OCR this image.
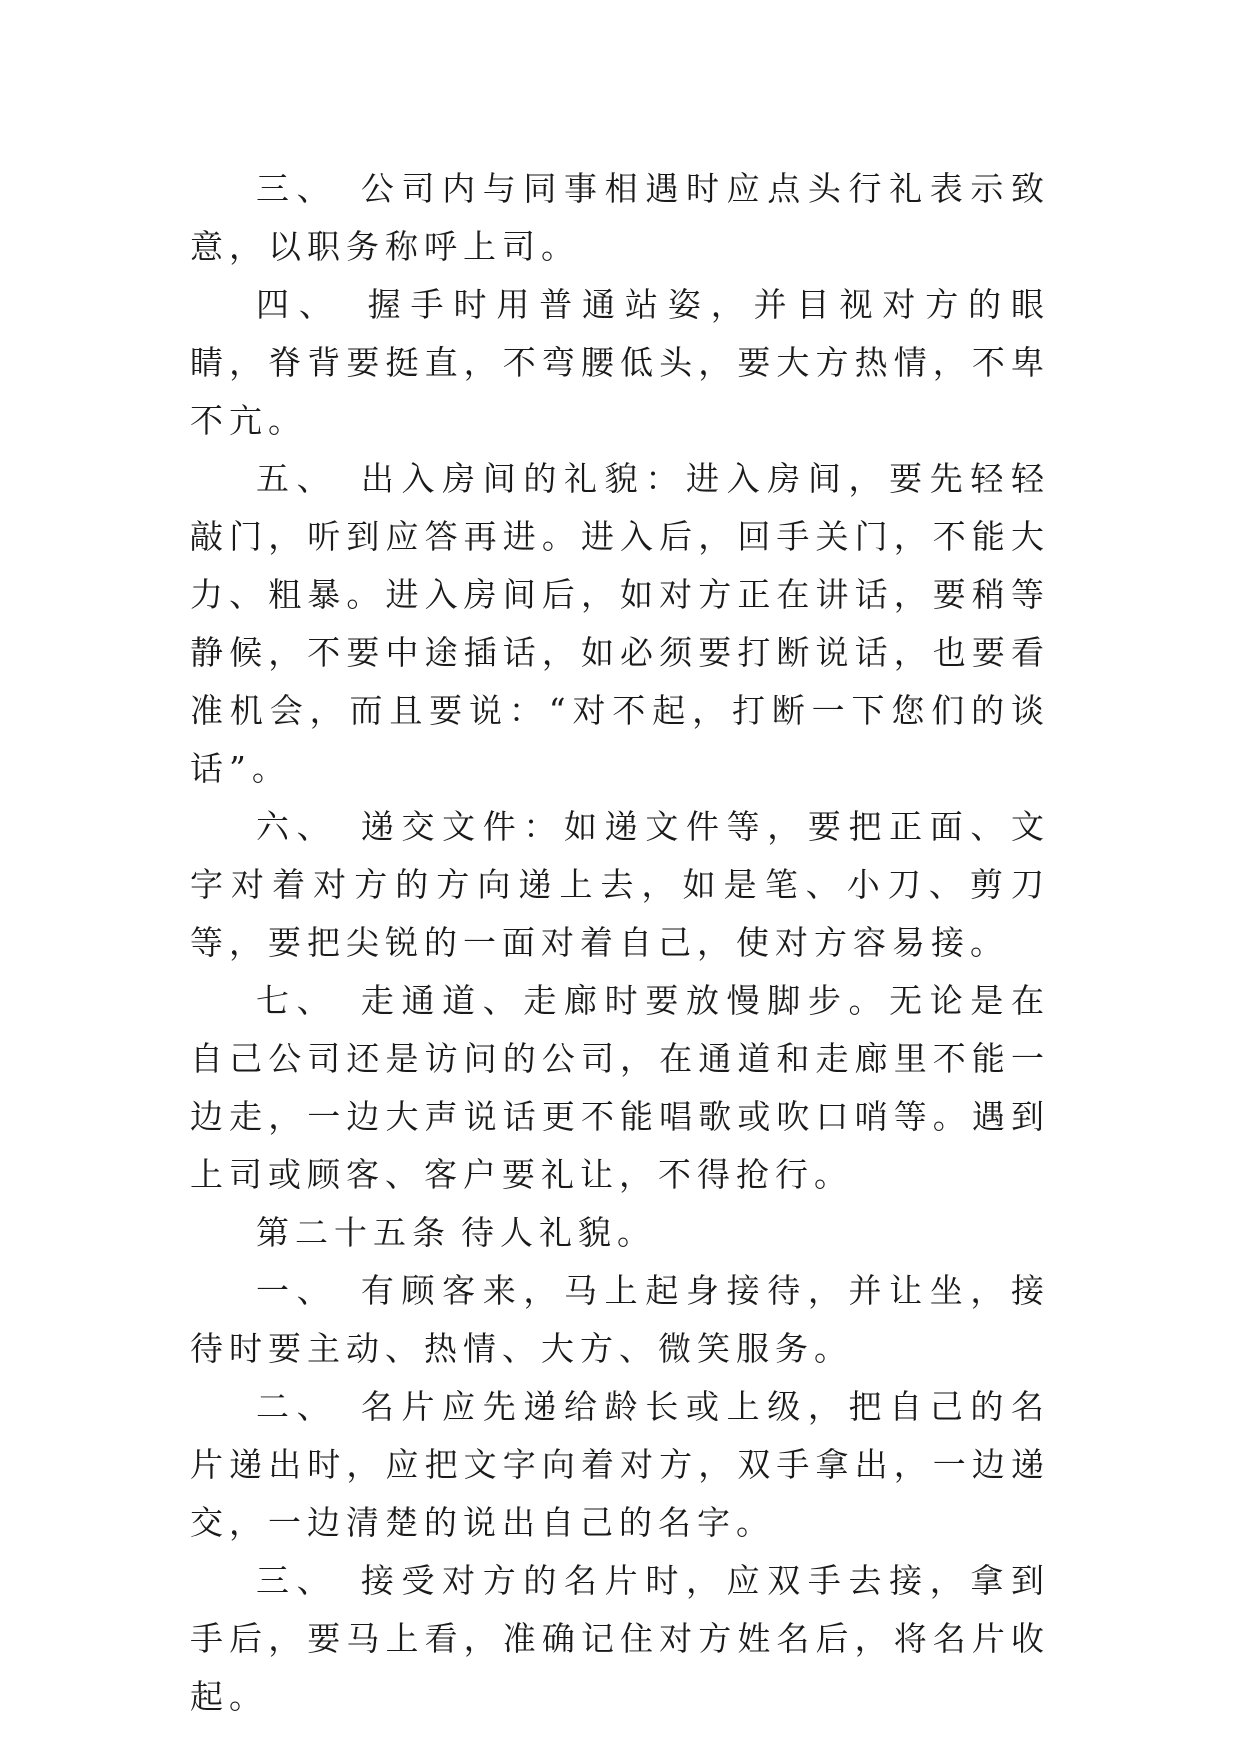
三、 公司内与同事相遇时应点头行礼表示致意，以职务称呼上司。

四、 握手时用普通站姿，并目视对方的眼睛，脊背要挺直，不弯腰低头，要大方热情，不卑不亢。

五、 出入房间的礼貌：进入房间，要先轻轻敲门，听到应答再进。进入后，回手关门，不能大力、粗暴。进入房间后，如对方正在讲话，要稍等静候，不要中途插话，如必须要打断说话，也要看准机会，而且要说：“对不起，打断一下您们的谈话”。

六、 递交文件：如递文件等，要把正面、文字对着对方的方向递上去，如是笔、小刀、剪刀等，要把尖锐的一面对着自己，使对方容易接。

七、 走通道、走廊时要放慢脚步。无论是在自己公司还是访问的公司，在通道和走廊里不能一边走，一边大声说话更不能唱歌或吹口哨等。遇到上司或顾客、客户要礼让，不得抢行。

第二十五条 待人礼貌。

一、 有顾客来，马上起身接待，并让坐，接待时要主动、热情、大方、微笑服务。

二、 名片应先递给龄长或上级，把自己的名片递出时，应把文字向着对方，双手拿出，一边递交，一边清楚的说出自己的名字。

三、 接受对方的名片时，应双手去接，拿到手后，要马上看，准确记住对方姓名后，将名片收起。
